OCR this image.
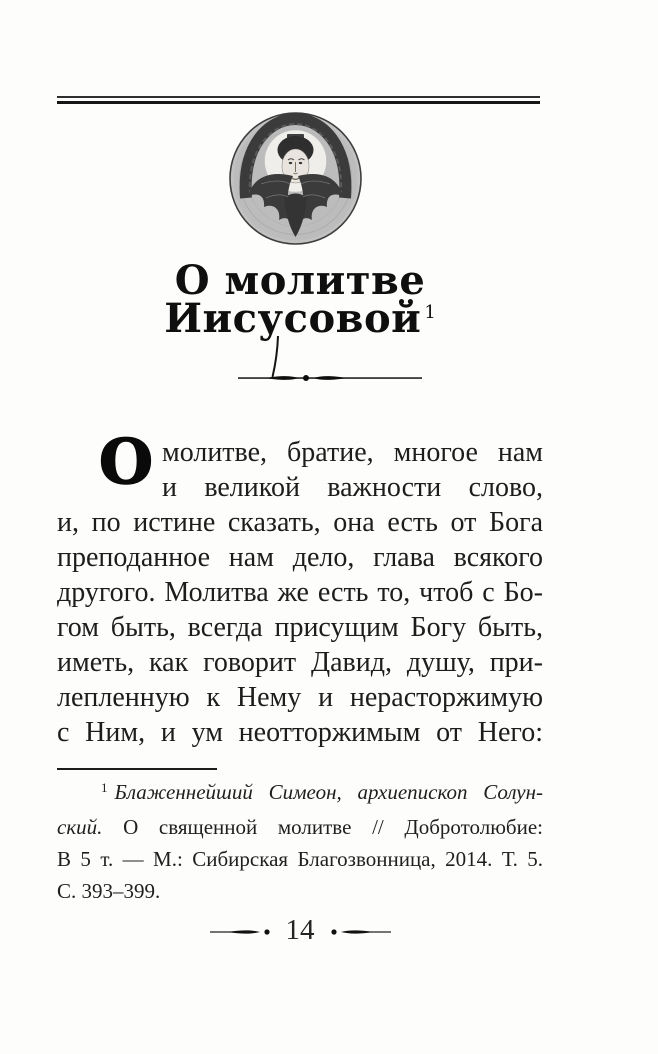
О молитве
Иисусовой $^1$
О молитве, братие, многое нам
и великой важности слово,
и, по истине сказать, она есть от Бога
преподанное нам дело, глава всякого
другого. Молитва же есть то, чтоб с Бо-
гом быть, всегда присущим Богу быть,
иметь, как говорит Давид, душу, при-
лепленную к Нему и нерасторжимую
с Ним, и ум неотторжимым от Него:
$^1$ Блаженнейший Симеон, архиепископ Солун-
ский. О священной молитве // Добротолюбие:
В 5 т. — М.: Сибирская Благозвонница, 2014. Т. 5.
С. 393–399.
14
